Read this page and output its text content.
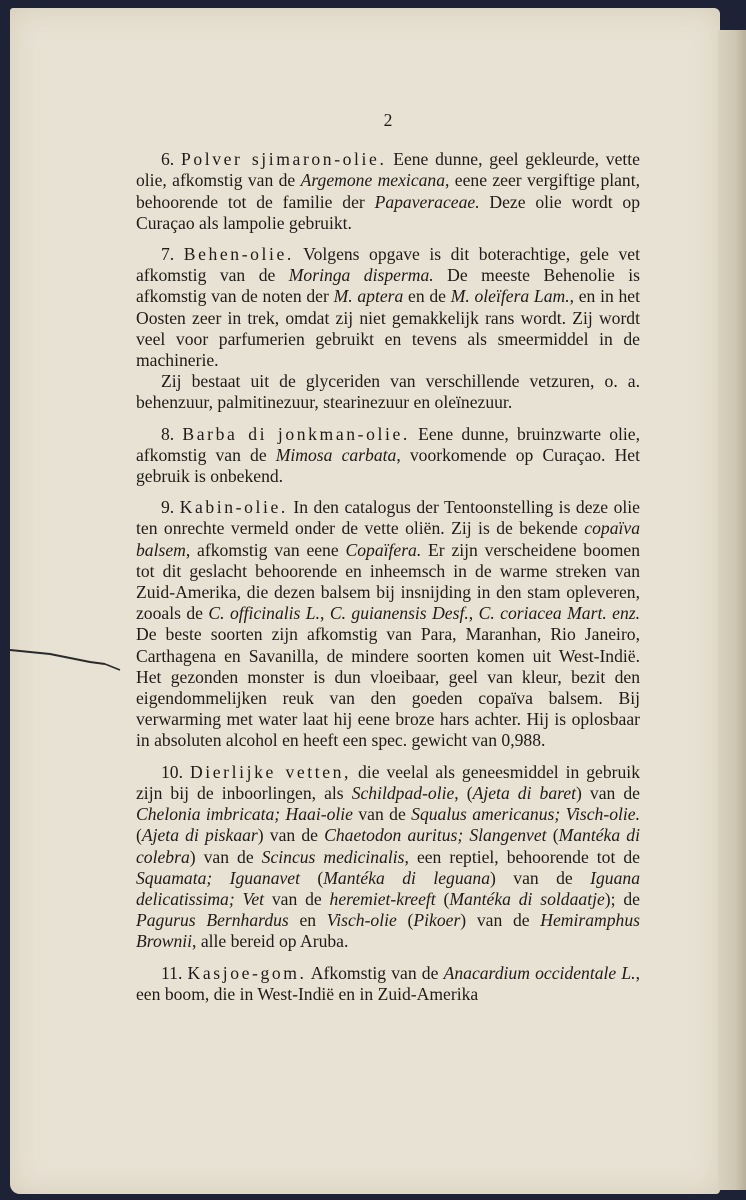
2

6. Polver sjimaron-olie. Eene dunne, geel gekleurde, vette olie, afkomstig van de Argemone mexicana, eene zeer vergiftige plant, behoorende tot de familie der Papaveraceae. Deze olie wordt op Curaçao als lampolie gebruikt.

7. Behen-olie. Volgens opgave is dit boterachtige, gele vet afkomstig van de Moringa disperma. De meeste Behenolie is afkomstig van de noten der M. aptera en de M. oleïfera Lam., en in het Oosten zeer in trek, omdat zij niet gemakkelijk rans wordt. Zij wordt veel voor parfumerien gebruikt en tevens als smeermiddel in de machinerie.

Zij bestaat uit de glyceriden van verschillende vetzuren, o. a. behenzuur, palmitinezuur, stearinezuur en oleïnezuur.

8. Barba di jonkman-olie. Eene dunne, bruinzwarte olie, afkomstig van de Mimosa carbata, voorkomende op Curaçao. Het gebruik is onbekend.

9. Kabin-olie. In den catalogus der Tentoonstelling is deze olie ten onrechte vermeld onder de vette oliën. Zij is de bekende copaïva balsem, afkomstig van eene Copaïfera. Er zijn verscheidene boomen tot dit geslacht behoorende en inheemsch in de warme streken van Zuid-Amerika, die dezen balsem bij insnijding in den stam opleveren, zooals de C. officinalis L., C. guianensis Desf., C. coriacea Mart. enz. De beste soorten zijn afkomstig van Para, Maranhan, Rio Janeiro, Carthagena en Savanilla, de mindere soorten komen uit West-Indië. Het gezonden monster is dun vloeibaar, geel van kleur, bezit den eigendommelijken reuk van den goeden copaïva balsem. Bij verwarming met water laat hij eene broze hars achter. Hij is oplosbaar in absoluten alcohol en heeft een spec. gewicht van 0,988.

10. Dierlijke vetten, die veelal als geneesmiddel in gebruik zijn bij de inboorlingen, als Schildpad-olie, (Ajeta di baret) van de Chelonia imbricata; Haai-olie van de Squalus americanus; Visch-olie. (Ajeta di piskaar) van de Chaetodon auritus; Slangenvet (Mantéka di colebra) van de Scincus medicinalis, een reptiel, behoorende tot de Squamata; Iguanavet (Mantéka di leguana) van de Iguana delicatissima; Vet van de heremiet-kreeft (Mantéka di soldaatje); de Pagurus Bernhardus en Visch-olie (Pikoer) van de Hemiramphus Brownii, alle bereid op Aruba.

11. Kasjoe-gom. Afkomstig van de Anacardium occidentale L., een boom, die in West-Indië en in Zuid-Amerika
